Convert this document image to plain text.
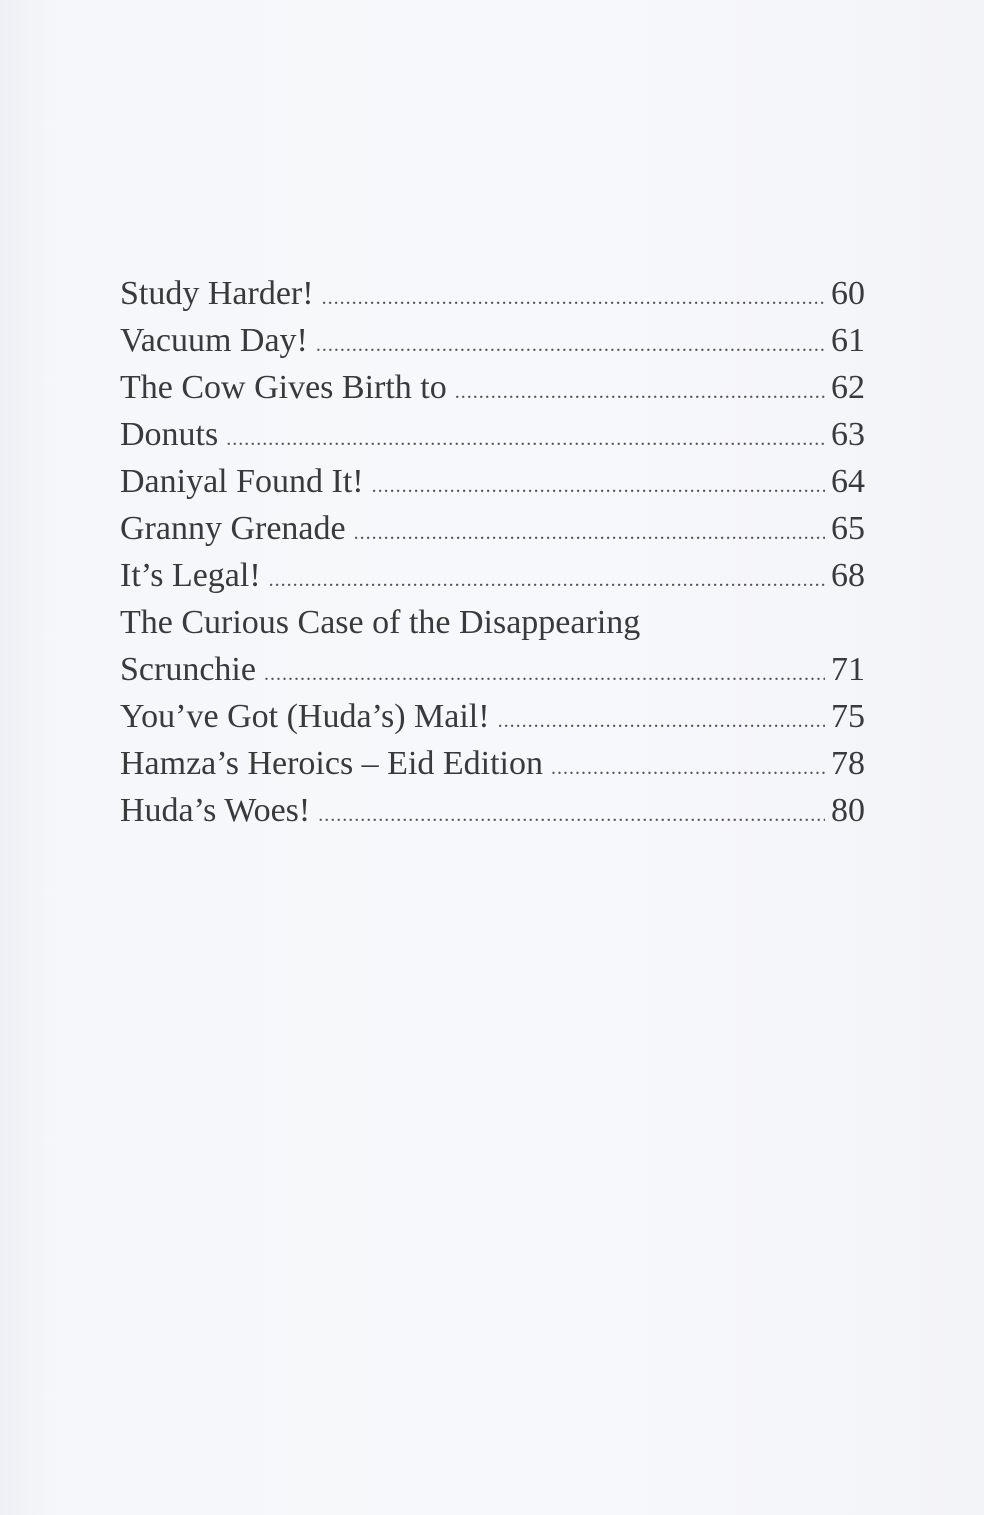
Study Harder! .....	60
Vacuum Day! .....	61
The Cow Gives Birth to .....	62
Donuts .....	63
Daniyal Found It! .....	64
Granny Grenade .....	65
It’s Legal! .....	68
The Curious Case of the Disappearing
Scrunchie .....	71
You’ve Got (Huda’s) Mail! .....	75
Hamza’s Heroics – Eid Edition .....	78
Huda’s Woes! .....	80
